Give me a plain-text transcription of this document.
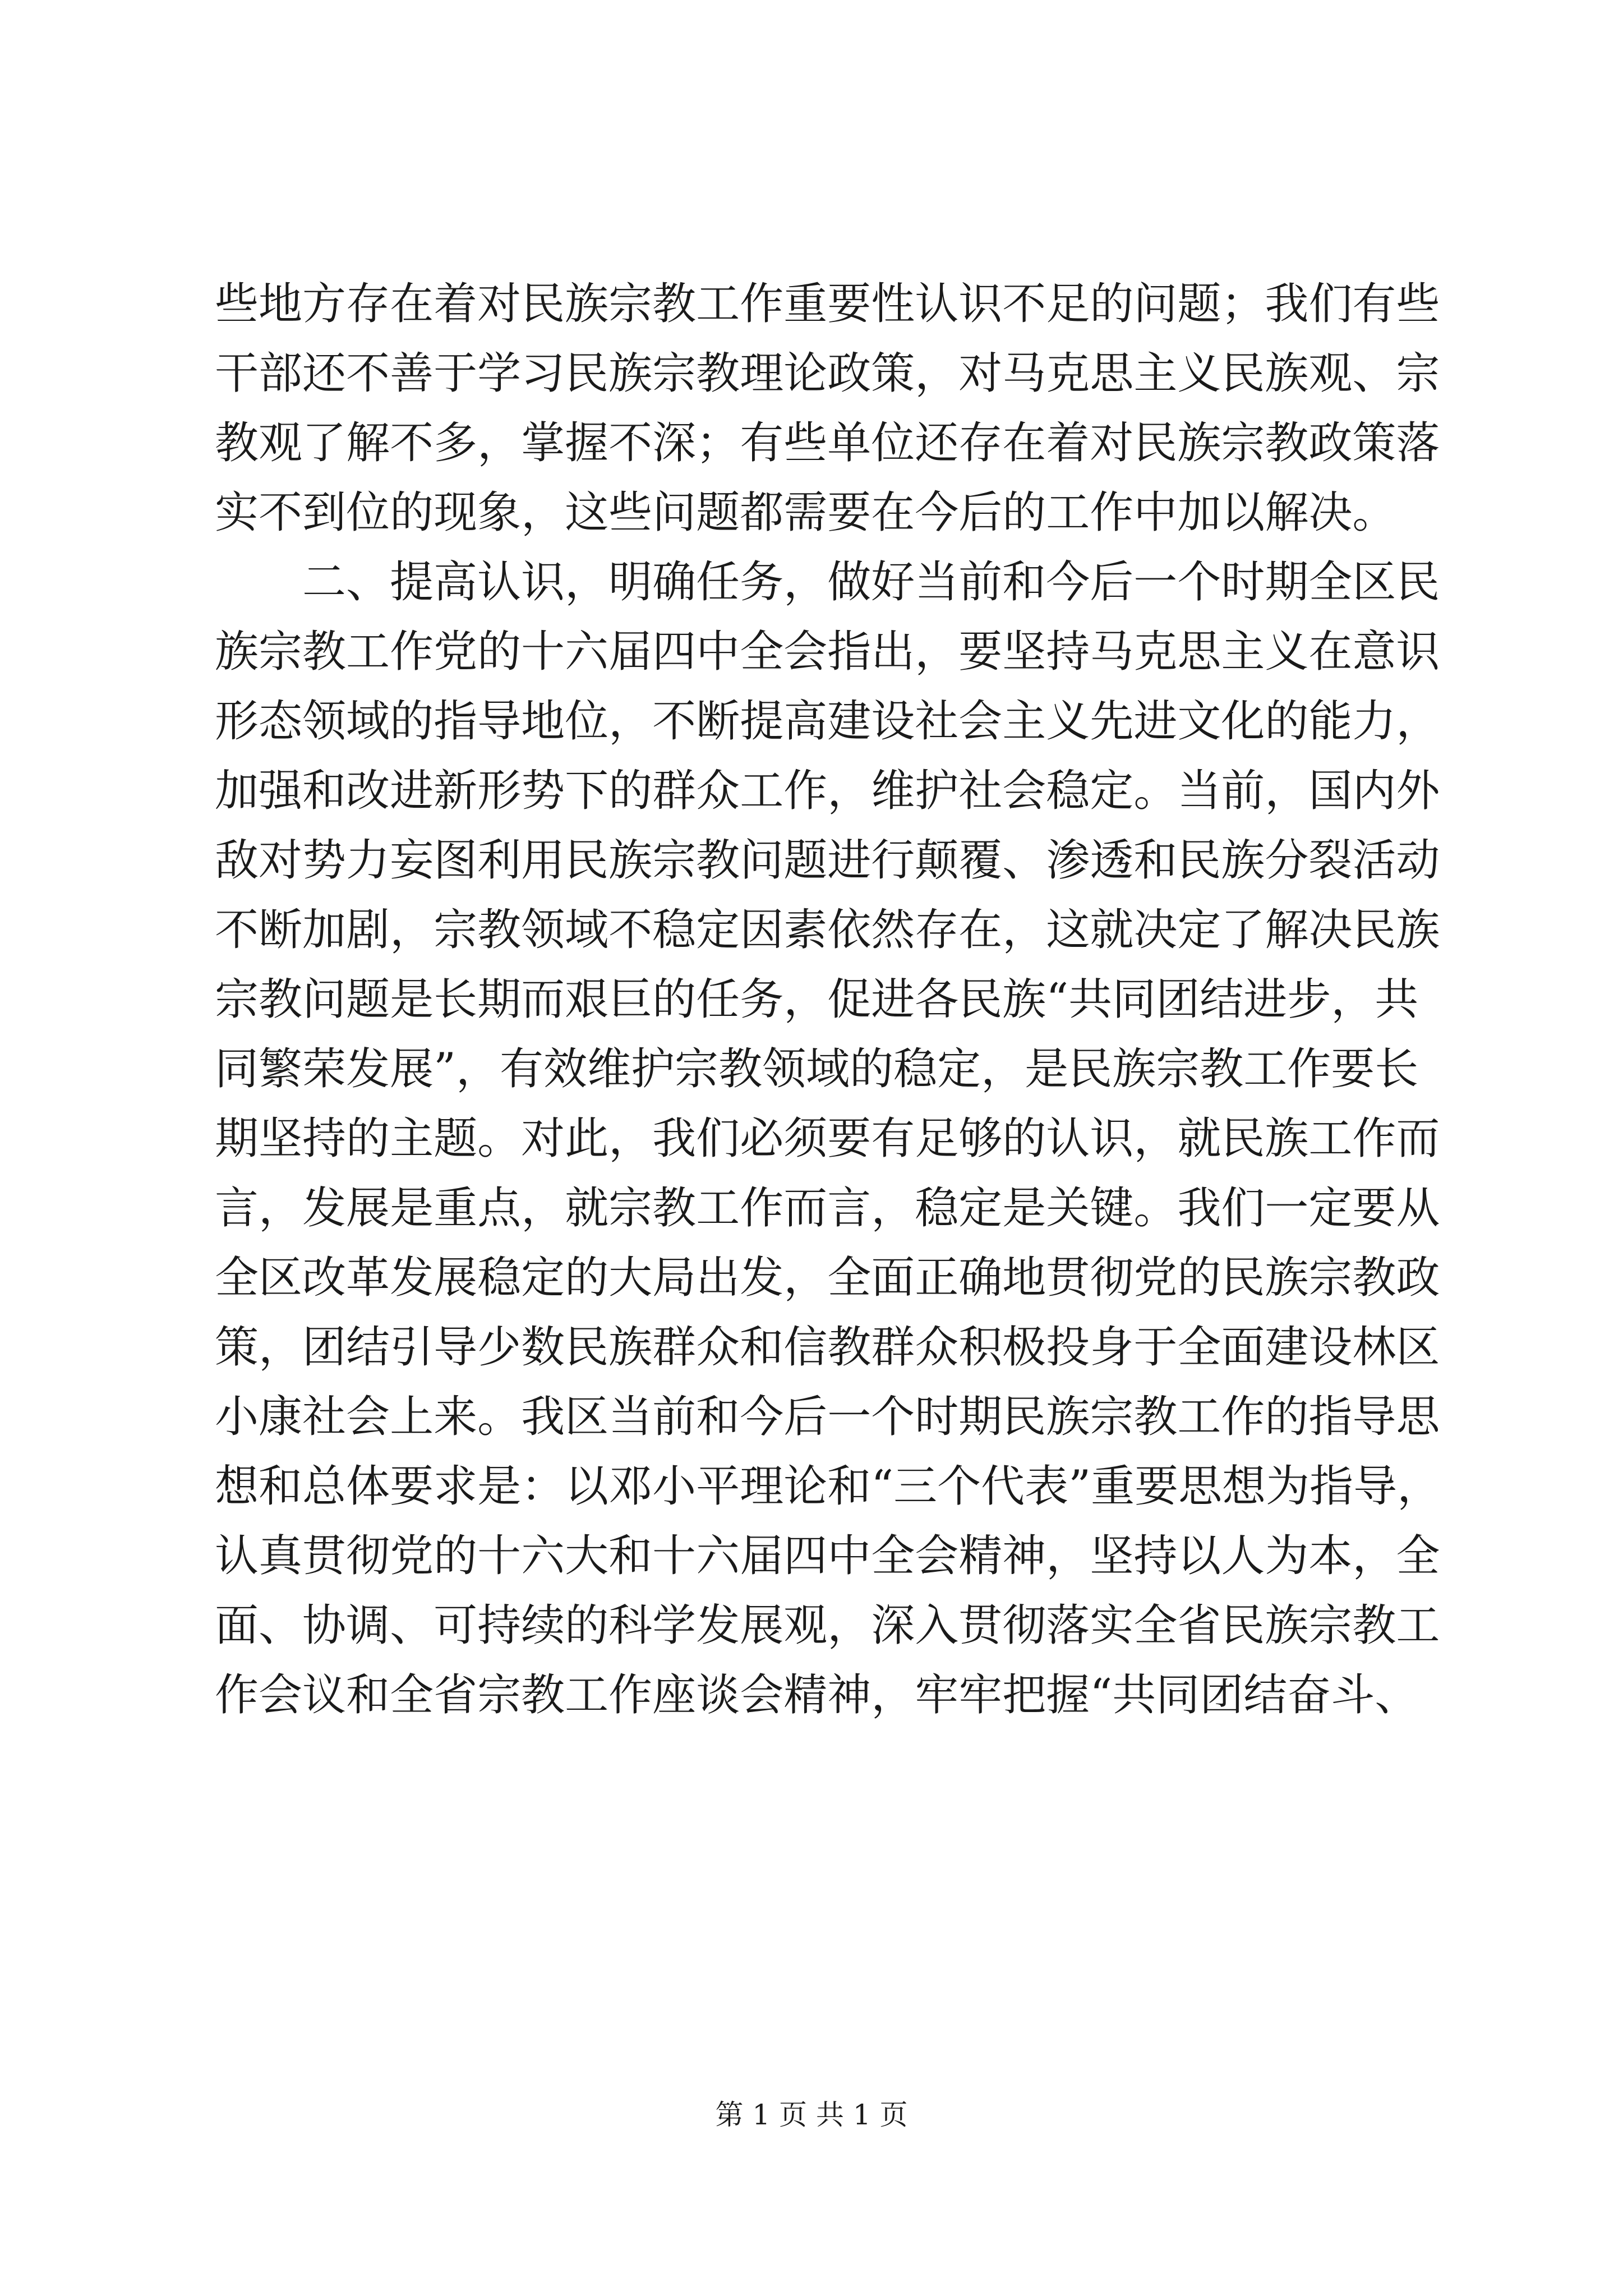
些 地 方 存 在 着 对 民 族 宗 教 工 作 重 要 性 认 识 不 足 的 问 题 ； 我 们 有 些
干 部 还 不 善 于 学 习 民 族 宗 教 理 论 政 策 ， 对 马 克 思 主 义 民 族 观 、 宗
教 观 了 解 不 多 ， 掌 握 不 深 ； 有 些 单 位 还 存 在 着 对 民 族 宗 教 政 策 落
实 不 到 位 的 现 象 ， 这 些 问 题 都 需 要 在 今 后 的 工 作 中 加 以 解 决 。
二 、 提 高 认 识 ， 明 确 任 务 ， 做 好 当 前 和 今 后 一 个 时 期 全 区 民
族 宗 教 工 作 党 的 十 六 届 四 中 全 会 指 出 ， 要 坚 持 马 克 思 主 义 在 意 识
形 态 领 域 的 指 导 地 位 ， 不 断 提 高 建 设 社 会 主 义 先 进 文 化 的 能 力 ，
加 强 和 改 进 新 形 势 下 的 群 众 工 作 ， 维 护 社 会 稳 定 。 当 前 ， 国 内 外
敌 对 势 力 妄 图 利 用 民 族 宗 教 问 题 进 行 颠 覆 、 渗 透 和 民 族 分 裂 活 动
不 断 加 剧 ， 宗 教 领 域 不 稳 定 因 素 依 然 存 在 ， 这 就 决 定 了 解 决 民 族
宗 教 问 题 是 长 期 而 艰 巨 的 任 务 ， 促 进 各 民 族 “ 共 同 团 结 进 步 ， 共
同 繁 荣 发 展 ” ， 有 效 维 护 宗 教 领 域 的 稳 定 ， 是 民 族 宗 教 工 作 要 长
期 坚 持 的 主 题 。 对 此 ， 我 们 必 须 要 有 足 够 的 认 识 ， 就 民 族 工 作 而
言 ， 发 展 是 重 点 ， 就 宗 教 工 作 而 言 ， 稳 定 是 关 键 。 我 们 一 定 要 从
全 区 改 革 发 展 稳 定 的 大 局 出 发 ， 全 面 正 确 地 贯 彻 党 的 民 族 宗 教 政
策 ， 团 结 引 导 少 数 民 族 群 众 和 信 教 群 众 积 极 投 身 于 全 面 建 设 林 区
小 康 社 会 上 来 。 我 区 当 前 和 今 后 一 个 时 期 民 族 宗 教 工 作 的 指 导 思
想 和 总 体 要 求 是 ： 以 邓 小 平 理 论 和 “ 三 个 代 表 ” 重 要 思 想 为 指 导 ，
认 真 贯 彻 党 的 十 六 大 和 十 六 届 四 中 全 会 精 神 ， 坚 持 以 人 为 本 ， 全
面 、 协 调 、 可 持 续 的 科 学 发 展 观 ， 深 入 贯 彻 落 实 全 省 民 族 宗 教 工
作 会 议 和 全 省 宗 教 工 作 座 谈 会 精 神 ， 牢 牢 把 握 “ 共 同 团 结 奋 斗 、
第 1 页 共 1 页
